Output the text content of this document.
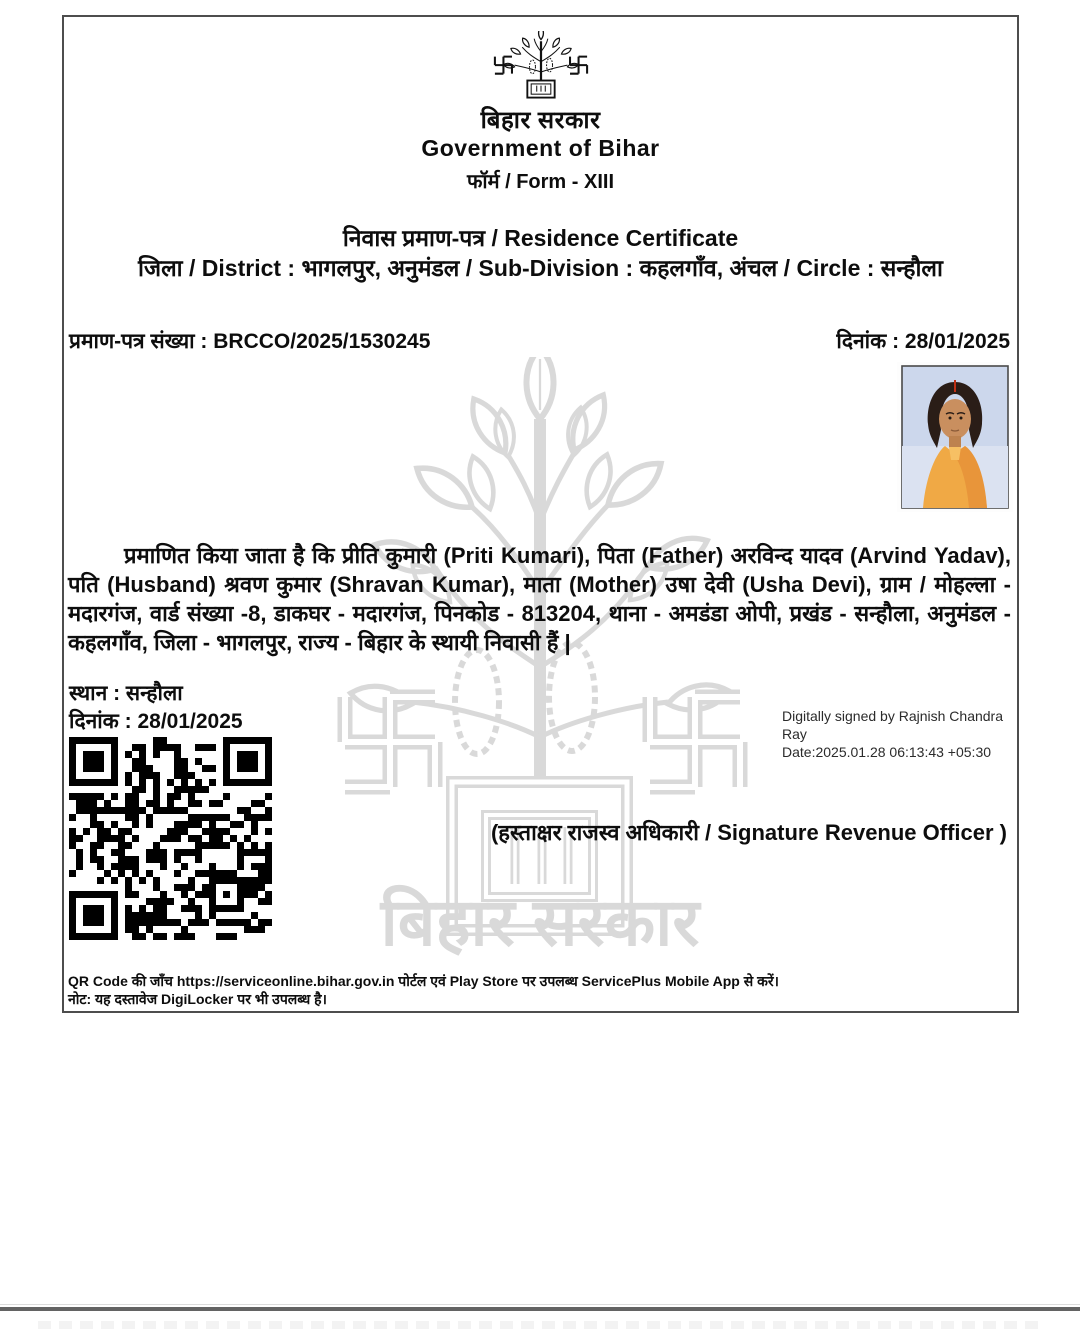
बिहार सरकार
बिहार सरकार
Government of Bihar
फॉर्म / Form - XIII
निवास प्रमाण-पत्र / Residence Certificate
जिला / District : भागलपुर, अनुमंडल / Sub-Division : कहलगाँव, अंचल / Circle : सन्हौला
प्रमाण-पत्र संख्या : BRCCO/2025/1530245	दिनांक : 28/01/2025
प्रमाणित किया जाता है कि प्रीति कुमारी (Priti Kumari), पिता (Father) अरविन्द यादव (Arvind Yadav), पति (Husband) श्रवण कुमार (Shravan Kumar), माता (Mother) उषा देवी (Usha Devi), ग्राम / मोहल्ला - मदारगंज, वार्ड संख्या -8, डाकघर - मदारगंज, पिनकोड - 813204, थाना - अमडंडा ओपी, प्रखंड - सन्हौला, अनुमंडल - कहलगाँव, जिला - भागलपुर, राज्य - बिहार के स्थायी निवासी हैं |
स्थान : सन्हौला
दिनांक : 28/01/2025	Digitally signed by Rajnish Chandra Ray
Date:2025.01.28 06:13:43 +05:30
(हस्ताक्षर राजस्व अधिकारी / Signature Revenue Officer )
QR Code की जाँच https://serviceonline.bihar.gov.in पोर्टल एवं Play Store पर उपलब्ध ServicePlus Mobile App से करें।
नोट: यह दस्तावेज DigiLocker पर भी उपलब्ध है।
